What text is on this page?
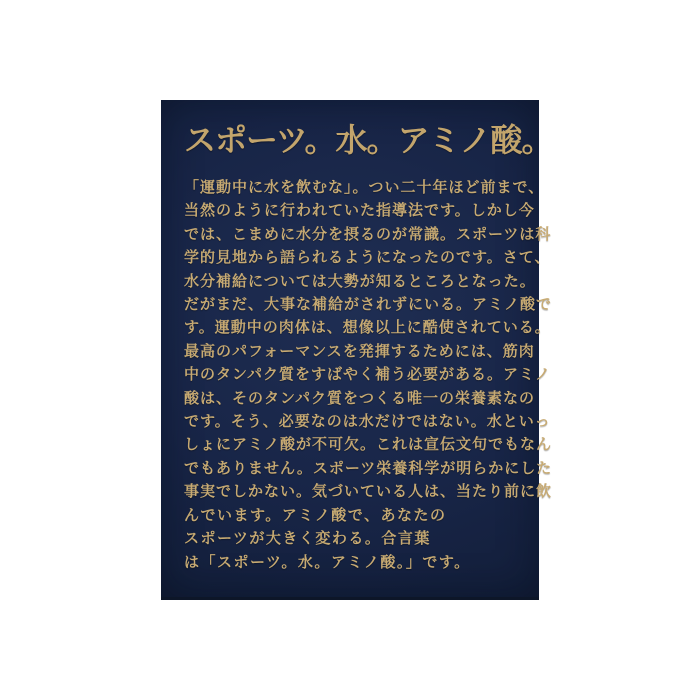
スポーツ。水。アミノ酸。
「運動中に水を飲むな」。つい二十年ほど前まで、
当然のように行われていた指導法です。しかし今
では、こまめに水分を摂るのが常識。スポーツは科
学的見地から語られるようになったのです。さて、
水分補給については大勢が知るところとなった。
だがまだ、大事な補給がされずにいる。アミノ酸で
す。運動中の肉体は、想像以上に酷使されている。
最高のパフォーマンスを発揮するためには、筋肉
中のタンパク質をすばやく補う必要がある。アミノ
酸は、そのタンパク質をつくる唯一の栄養素なの
です。そう、必要なのは水だけではない。水といっ
しょにアミノ酸が不可欠。これは宣伝文句でもなん
でもありません。スポーツ栄養科学が明らかにした
事実でしかない。気づいている人は、当たり前に飲
んでいます。アミノ酸で、あなたの
スポーツが大きく変わる。合言葉
は「スポーツ。水。アミノ酸。」です。
